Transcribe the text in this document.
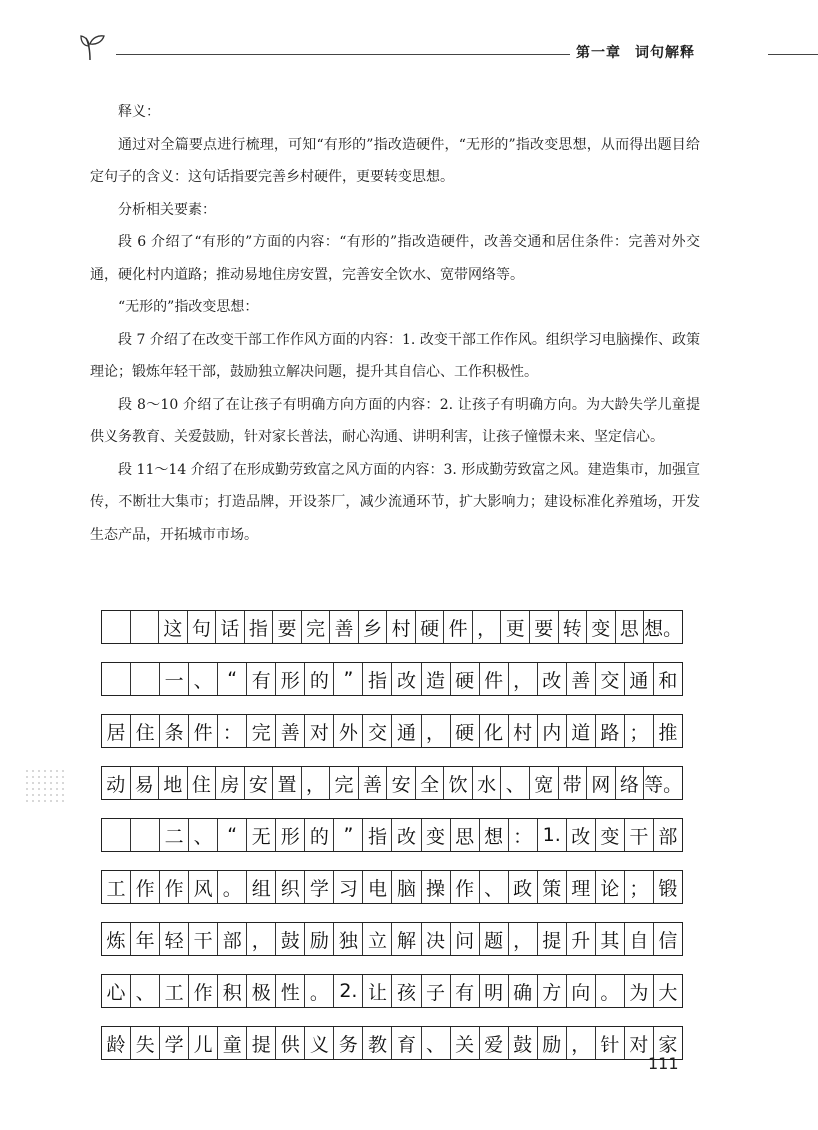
第一章 词句解释

释义：

通过对全篇要点进行梳理，可知“有形的”指改造硬件，“无形的”指改变思想，从而得出题目给定句子的含义：这句话指要完善乡村硬件，更要转变思想。

分析相关要素：

段 6 介绍了“有形的”方面的内容：“有形的”指改造硬件，改善交通和居住条件：完善对外交通，硬化村内道路；推动易地住房安置，完善安全饮水、宽带网络等。

“无形的”指改变思想：

段 7 介绍了在改变干部工作作风方面的内容：1. 改变干部工作作风。组织学习电脑操作、政策理论；锻炼年轻干部，鼓励独立解决问题，提升其自信心、工作积极性。

段 8～10 介绍了在让孩子有明确方向方面的内容：2. 让孩子有明确方向。为大龄失学儿童提供义务教育、关爱鼓励，针对家长普法，耐心沟通、讲明利害，让孩子憧憬未来、坚定信心。

段 11～14 介绍了在形成勤劳致富之风方面的内容：3. 形成勤劳致富之风。建造集市，加强宣传，不断壮大集市；打造品牌，开设茶厂，减少流通环节，扩大影响力；建设标准化养殖场，开发生态产品，开拓城市市场。

这 句 话 指 要 完 善 乡 村 硬 件 ， 更 要 转 变 思 想。
一 、 “ 有 形 的 ” 指 改 造 硬 件 ， 改 善 交 通 和
居 住 条 件 ： 完 善 对 外 交 通 ， 硬 化 村 内 道 路 ； 推
动 易 地 住 房 安 置 ， 完 善 安 全 饮 水 、 宽 带 网 络 等。
二 、 “ 无 形 的 ” 指 改 变 思 想 ： 1. 改 变 干 部
工 作 作 风 。 组 织 学 习 电 脑 操 作 、 政 策 理 论 ； 锻
炼 年 轻 干 部 ， 鼓 励 独 立 解 决 问 题 ， 提 升 其 自 信
心 、 工 作 积 极 性 。 2. 让 孩 子 有 明 确 方 向 。 为 大
龄 失 学 儿 童 提 供 义 务 教 育 、 关 爱 鼓 励 ， 针 对 家
111
